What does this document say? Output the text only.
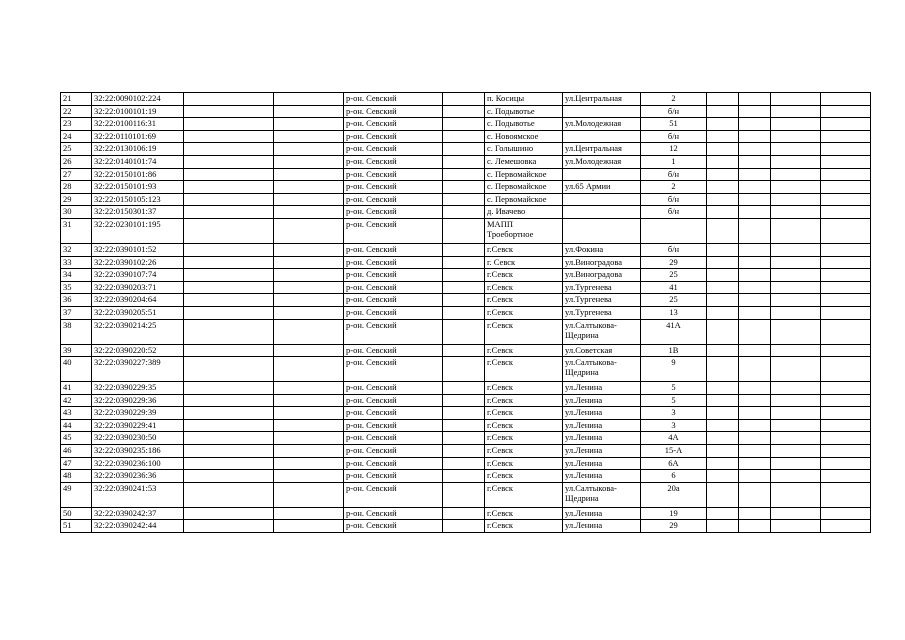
21	32:22:0090102:224			р-он. Севский		п. Косицы	ул.Центральная	2				
22	32:22:0100101:19			р-он. Севский		с. Подывотье		б/н				
23	32:22:0100116:31			р-он. Севский		с. Подывотье	ул.Молодежная	51				
24	32:22:0110101:69			р-он. Севский		с. Новоямское		б/н				
25	32:22:0130106:19			р-он. Севский		с. Голышино	ул.Центральная	12				
26	32:22:0140101:74			р-он. Севский		с. Лемешовка	ул.Молодежная	1				
27	32:22:0150101:86			р-он. Севский		с. Первомайское		б/н				
28	32:22:0150101:93			р-он. Севский		с. Первомайское	ул.65 Армии	2				
29	32:22:0150105:123			р-он. Севский		с. Первомайское		б/н				
30	32:22:0150301:37			р-он. Севский		д. Ивачево		б/н				
31	32:22:0230101:195			р-он. Севский		МАПП Троебортное						
32	32:22:0390101:52			р-он. Севский		г.Севск	ул.Фокина	б/н				
33	32:22:0390102:26			р-он. Севский		г. Севск	ул.Виноградова	29				
34	32:22:0390107:74			р-он. Севский		г.Севск	ул.Виноградова	25				
35	32:22:0390203:71			р-он. Севский		г.Севск	ул.Тургенева	41				
36	32:22:0390204:64			р-он. Севский		г.Севск	ул.Тургенева	25				
37	32:22:0390205:51			р-он. Севский		г.Севск	ул.Тургенева	13				
38	32:22:0390214:25			р-он. Севский		г.Севск	ул.Салтыкова-Щедрина	41А				
39	32:22:0390220:52			р-он. Севский		г.Севск	ул.Советская	1В				
40	32:22:0390227:389			р-он. Севский		г.Севск	ул.Салтыкова-Щедрина	9				
41	32:22:0390229:35			р-он. Севский		г.Севск	ул.Ленина	5				
42	32:22:0390229:36			р-он. Севский		г.Севск	ул.Ленина	5				
43	32:22:0390229:39			р-он. Севский		г.Севск	ул.Ленина	3				
44	32:22:0390229:41			р-он. Севский		г.Севск	ул.Ленина	3				
45	32:22:0390230:50			р-он. Севский		г.Севск	ул.Ленина	4А				
46	32:22:0390235:186			р-он. Севский		г.Севск	ул.Ленина	15-А				
47	32:22:0390236:100			р-он. Севский		г.Севск	ул.Ленина	6А				
48	32:22:0390236:36			р-он. Севский		г.Севск	ул.Ленина	6				
49	32:22:0390241:53			р-он. Севский		г.Севск	ул.Салтыкова-Щедрина	20а				
50	32:22:0390242:37			р-он. Севский		г.Севск	ул.Ленина	19				
51	32:22:0390242:44			р-он. Севский		г.Севск	ул.Ленина	29				
